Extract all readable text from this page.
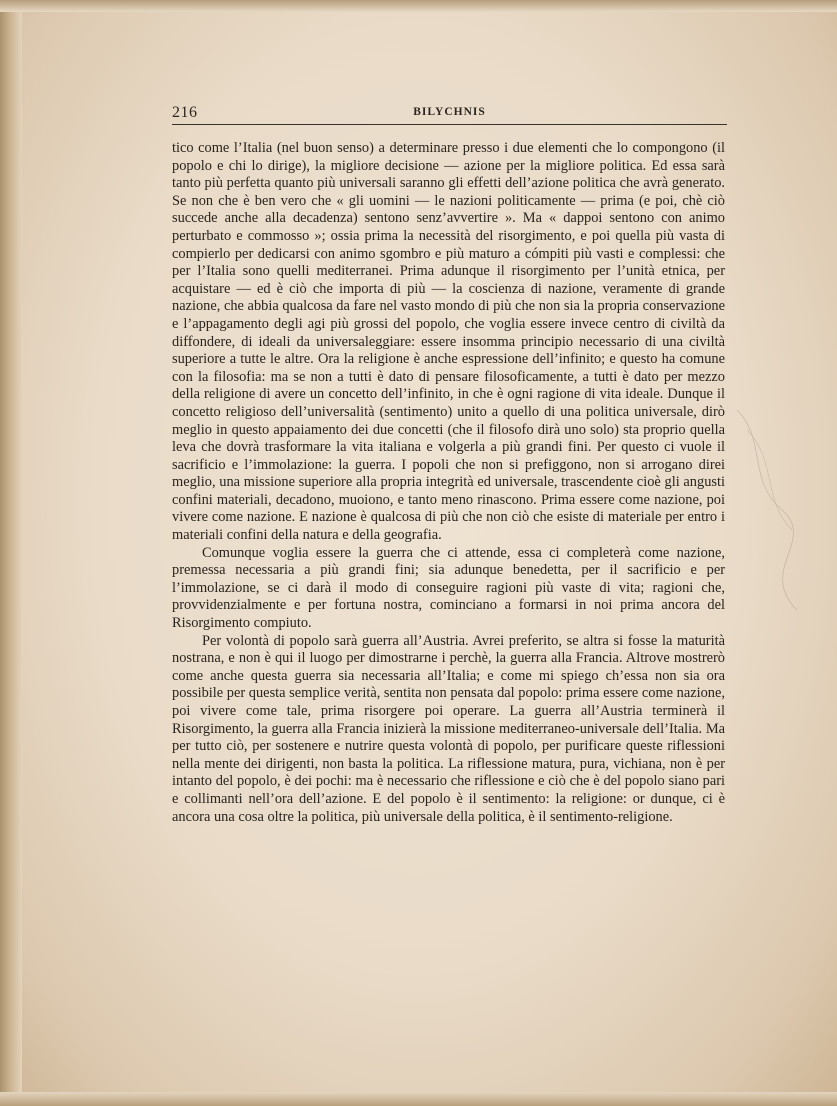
216	BILYCHNIS

tico come l’Italia (nel buon senso) a determinare presso i due elementi che lo compongono (il popolo e chi lo dirige), la migliore decisione — azione per la migliore politica. Ed essa sarà tanto più perfetta quanto più universali saranno gli effetti dell’azione politica che avrà generato. Se non che è ben vero che « gli uomini — le nazioni politicamente — prima (e poi, chè ciò succede anche alla decadenza) sentono senz’avvertire ». Ma « dappoi sentono con animo perturbato e commosso »; ossia prima la necessità del risorgimento, e poi quella più vasta di compierlo per dedicarsi con animo sgombro e più maturo a cómpiti più vasti e complessi: che per l’Italia sono quelli mediterranei. Prima adunque il risorgimento per l’unità etnica, per acquistare — ed è ciò che importa di più — la coscienza di nazione, veramente di grande nazione, che abbia qualcosa da fare nel vasto mondo di più che non sia la propria conservazione e l’appagamento degli agi più grossi del popolo, che voglia essere invece centro di civiltà da diffondere, di ideali da universaleggiare: essere insomma principio necessario di una civiltà superiore a tutte le altre. Ora la religione è anche espressione dell’infinito; e questo ha comune con la filosofia: ma se non a tutti è dato di pensare filosoficamente, a tutti è dato per mezzo della religione di avere un concetto dell’infinito, in che è ogni ragione di vita ideale. Dunque il concetto religioso dell’universalità (sentimento) unito a quello di una politica universale, dirò meglio in questo appaiamento dei due concetti (che il filosofo dirà uno solo) sta proprio quella leva che dovrà trasformare la vita italiana e volgerla a più grandi fini. Per questo ci vuole il sacrificio e l’immolazione: la guerra. I popoli che non si prefiggono, non si arrogano direi meglio, una missione superiore alla propria integrità ed universale, trascendente cioè gli angusti confini materiali, decadono, muoiono, e tanto meno rinascono. Prima essere come nazione, poi vivere come nazione. E nazione è qualcosa di più che non ciò che esiste di materiale per entro i materiali confini della natura e della geografia.

Comunque voglia essere la guerra che ci attende, essa ci completerà come nazione, premessa necessaria a più grandi fini; sia adunque benedetta, per il sacrificio e per l’immolazione, se ci darà il modo di conseguire ragioni più vaste di vita; ragioni che, provvidenzialmente e per fortuna nostra, cominciano a formarsi in noi prima ancora del Risorgimento compiuto.

Per volontà di popolo sarà guerra all’Austria. Avrei preferito, se altra si fosse la maturità nostrana, e non è qui il luogo per dimostrarne i perchè, la guerra alla Francia. Altrove mostrerò come anche questa guerra sia necessaria all’Italia; e come mi spiego ch’essa non sia ora possibile per questa semplice verità, sentita non pensata dal popolo: prima essere come nazione, poi vivere come tale, prima risorgere poi operare. La guerra all’Austria terminerà il Risorgimento, la guerra alla Francia inizierà la missione mediterraneo-universale dell’Italia. Ma per tutto ciò, per sostenere e nutrire questa volontà di popolo, per purificare queste riflessioni nella mente dei dirigenti, non basta la politica. La riflessione matura, pura, vichiana, non è per intanto del popolo, è dei pochi: ma è necessario che riflessione e ciò che è del popolo siano pari e collimanti nell’ora dell’azione. E del popolo è il sentimento: la religione: or dunque, ci è ancora una cosa oltre la politica, più universale della politica, è il sentimento-religione.
